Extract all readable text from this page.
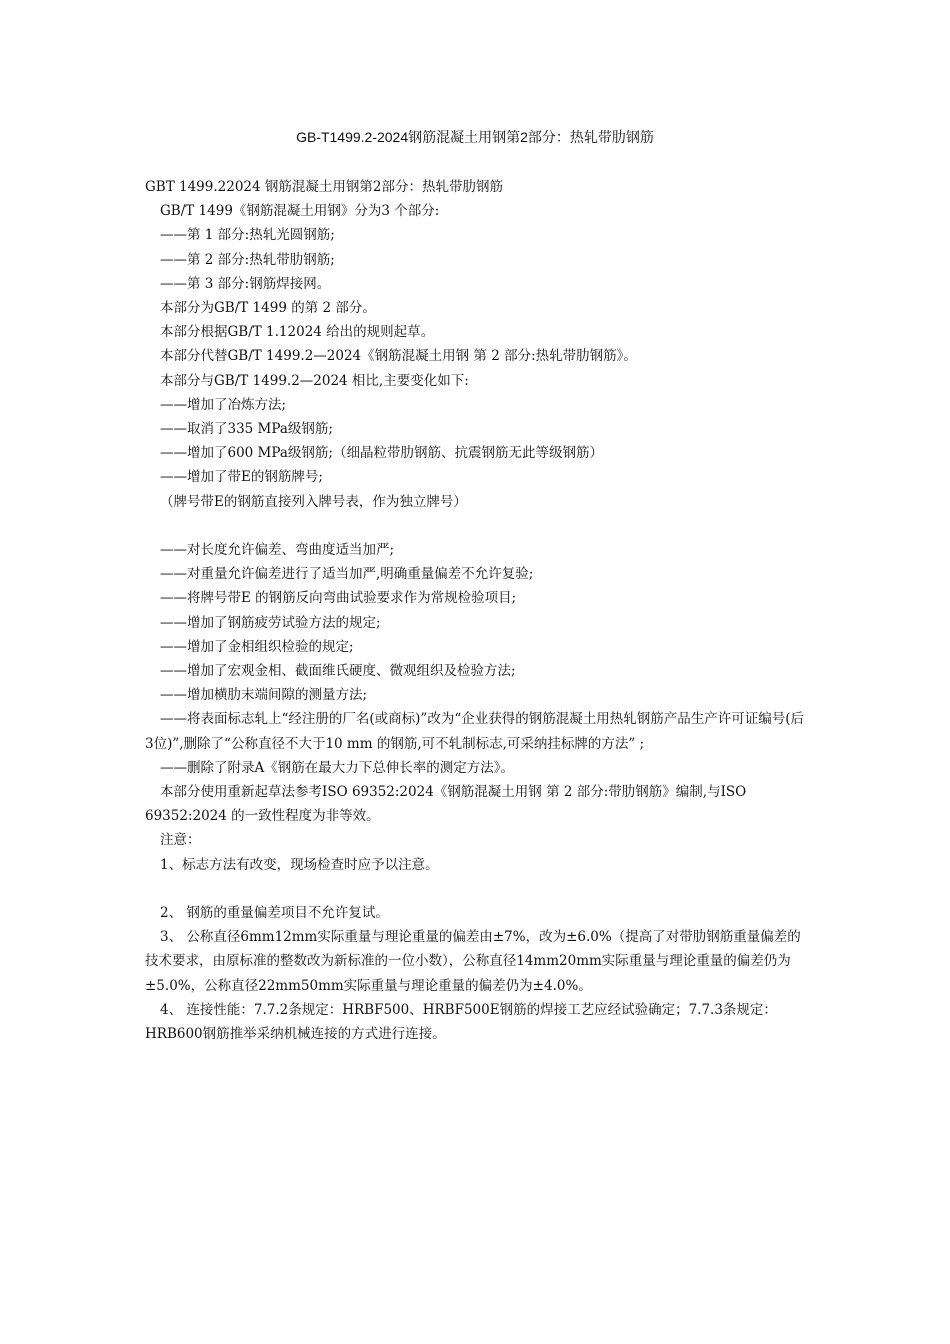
GB-T1499.2-2024钢筋混凝土用钢第2部分：热轧带肋钢筋

GBT 1499.22024 钢筋混凝土用钢第2部分：热轧带肋钢筋

GB/T 1499《钢筋混凝土用钢》分为3 个部分:

——第 1 部分:热轧光圆钢筋;

——第 2 部分:热轧带肋钢筋;

——第 3 部分:钢筋焊接网。

本部分为GB/T 1499 的第 2 部分。

本部分根据GB/T 1.12024 给出的规则起草。

本部分代替GB/T 1499.2—2024《钢筋混凝土用钢 第 2 部分:热轧带肋钢筋》。

本部分与GB/T 1499.2—2024 相比,主要变化如下:

——增加了冶炼方法;

——取消了335 MPa级钢筋;

——增加了600 MPa级钢筋;（细晶粒带肋钢筋、抗震钢筋无此等级钢筋）

——增加了带E的钢筋牌号;

（牌号带E的钢筋直接列入牌号表，作为独立牌号）

——对长度允许偏差、弯曲度适当加严;

——对重量允许偏差进行了适当加严,明确重量偏差不允许复验;

——将牌号带E 的钢筋反向弯曲试验要求作为常规检验项目;

——增加了钢筋疲劳试验方法的规定;

——增加了金相组织检验的规定;

——增加了宏观金相、截面维氏硬度、微观组织及检验方法;

——增加横肋末端间隙的测量方法;

——将表面标志轧上“经注册的厂名(或商标)”改为“企业获得的钢筋混凝土用热轧钢筋产品生产许可证编号(后3位)”,删除了“公称直径不大于10 mm 的钢筋,可不轧制标志,可采纳挂标牌的方法” ;

——删除了附录A《钢筋在最大力下总伸长率的测定方法》。

本部分使用重新起草法参考ISO 69352:2024《钢筋混凝土用钢 第 2 部分:带肋钢筋》编制,与ISO 69352:2024 的一致性程度为非等效。

注意：

1、标志方法有改变，现场检查时应予以注意。

2、 钢筋的重量偏差项目不允许复试。

3、 公称直径6mm12mm实际重量与理论重量的偏差由±7%，改为±6.0%（提高了对带肋钢筋重量偏差的技术要求，由原标准的整数改为新标准的一位小数），公称直径14mm20mm实际重量与理论重量的偏差仍为±5.0%，公称直径22mm50mm实际重量与理论重量的偏差仍为±4.0%。

4、 连接性能：7.7.2条规定：HRBF500、HRBF500E钢筋的焊接工艺应经试验确定；7.7.3条规定：HRB600钢筋推举采纳机械连接的方式进行连接。
